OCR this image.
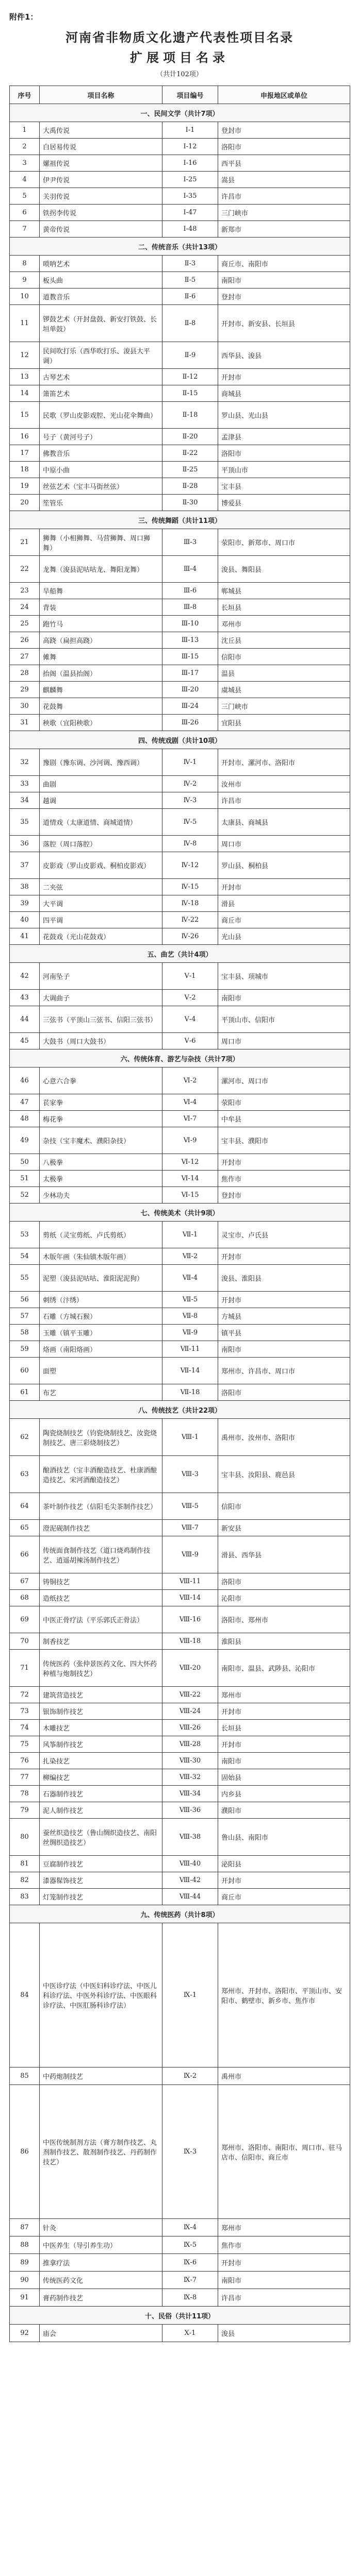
附件1：
河南省非物质文化遗产代表性项目名录
扩展项目名录
（共计102项）
序号	项目名称	项目编号	申报地区或单位
一、民间文学（共计7项）			
1	大禹传说	Ⅰ-1	登封市
2	白居易传说	Ⅰ-12	洛阳市
3	嫘祖传说	Ⅰ-16	西平县
4	伊尹传说	Ⅰ-25	嵩县
5	关羽传说	Ⅰ-35	许昌市
6	铁拐李传说	Ⅰ-47	三门峡市
7	黄帝传说	Ⅰ-48	新郑市
二、传统音乐（共计13项）			
8	唢呐艺术	Ⅱ-3	商丘市、南阳市
9	板头曲	Ⅱ-5	南阳市
10	道教音乐	Ⅱ-6	登封市
11	锣鼓艺术（开封盘鼓、新安打铁鼓、长垣单鼓）	Ⅱ-8	开封市、新安县、长垣县
12	民间吹打乐（西华吹打乐、浚县大平调）	Ⅱ-9	西华县、浚县
13	古琴艺术	Ⅱ-12	开封市
14	箫笛艺术	Ⅱ-15	商城县
15	民歌（罗山皮影戏腔、光山花伞舞曲）	Ⅱ-18	罗山县、光山县
16	号子（黄河号子）	Ⅱ-20	孟津县
17	佛教音乐	Ⅱ-22	洛阳市
18	中原小曲	Ⅱ-25	平顶山市
19	丝弦艺术（宝丰马街丝弦）	Ⅱ-28	宝丰县
20	笙管乐	Ⅱ-30	博爱县
三、传统舞蹈（共计11项）			
21	狮舞（小相狮舞、马营狮舞、周口狮舞）	Ⅲ-3	荥阳市、新郑市、周口市
22	龙舞（浚县泥咕咕龙、舞阳龙舞）	Ⅲ-4	浚县、舞阳县
23	旱船舞	Ⅲ-6	郸城县
24	背装	Ⅲ-8	长垣县
25	跑竹马	Ⅲ-10	邓州市
26	高跷（扁担高跷）	Ⅲ-13	沈丘县
27	傩舞	Ⅲ-15	信阳市
28	抬阁（温县抬阁）	Ⅲ-17	温县
29	麒麟舞	Ⅲ-20	虞城县
30	花鼓舞	Ⅲ-24	三门峡市
31	秧歌（宜阳秧歌）	Ⅲ-26	宜阳县
四、传统戏剧（共计10项）			
32	豫剧（豫东调、沙河调、豫西调）	Ⅳ-1	开封市、漯河市、洛阳市
33	曲剧	Ⅳ-2	汝州市
34	越调	Ⅳ-3	许昌市
35	道情戏（太康道情、商城道情）	Ⅳ-5	太康县、商城县
36	落腔（周口落腔）	Ⅳ-8	周口市
37	皮影戏（罗山皮影戏、桐柏皮影戏）	Ⅳ-12	罗山县、桐柏县
38	二夹弦	Ⅳ-15	开封市
39	大平调	Ⅳ-18	滑县
40	四平调	Ⅳ-22	商丘市
41	花鼓戏（光山花鼓戏）	Ⅳ-26	光山县
五、曲艺（共计4项）			
42	河南坠子	Ⅴ-1	宝丰县、项城市
43	大调曲子	Ⅴ-2	南阳市
44	三弦书（平顶山三弦书、信阳三弦书）	Ⅴ-4	平顶山市、信阳市
45	大鼓书（周口大鼓书）	Ⅴ-6	周口市
六、传统体育、游艺与杂技（共计7项）			
46	心意六合拳	Ⅵ-2	漯河市、周口市
47	苌家拳	Ⅵ-4	荥阳市
48	梅花拳	Ⅵ-7	中牟县
49	杂技（宝丰魔术、濮阳杂技）	Ⅵ-9	宝丰县、濮阳市
50	八极拳	Ⅵ-12	开封市
51	太极拳	Ⅵ-14	焦作市
52	少林功夫	Ⅵ-15	登封市
七、传统美术（共计9项）			
53	剪纸（灵宝剪纸、卢氏剪纸）	Ⅶ-1	灵宝市、卢氏县
54	木版年画（朱仙镇木版年画）	Ⅶ-2	开封市
55	泥塑（浚县泥咕咕、淮阳泥泥狗）	Ⅶ-4	浚县、淮阳县
56	刺绣（汴绣）	Ⅶ-5	开封市
57	石雕（方城石猴）	Ⅶ-8	方城县
58	玉雕（镇平玉雕）	Ⅶ-9	镇平县
59	烙画（南阳烙画）	Ⅶ-11	南阳市
60	面塑	Ⅶ-14	郑州市、许昌市、周口市
61	布艺	Ⅶ-18	洛阳市
八、传统技艺（共计22项）			
62	陶瓷烧制技艺（钧瓷烧制技艺、汝瓷烧制技艺、唐三彩烧制技艺）	Ⅷ-1	禹州市、汝州市、洛阳市
63	酿酒技艺（宝丰酒酿造技艺、杜康酒酿造技艺、宋河酒酿造技艺）	Ⅷ-3	宝丰县、汝阳县、鹿邑县
64	茶叶制作技艺（信阳毛尖茶制作技艺）	Ⅷ-5	信阳市
65	澄泥砚制作技艺	Ⅷ-7	新安县
66	传统面食制作技艺（道口烧鸡制作技艺、逍遥胡辣汤制作技艺）	Ⅷ-9	滑县、西华县
67	铸铜技艺	Ⅷ-11	洛阳市
68	造纸技艺	Ⅷ-14	沁阳市
69	中医正骨疗法（平乐郭氏正骨法）	Ⅷ-16	洛阳市、郑州市
70	制香技艺	Ⅷ-18	淮阳县
71	传统医药（张仲景医药文化、四大怀药种植与炮制技艺）	Ⅷ-20	南阳市、温县、武陟县、沁阳市
72	建筑营造技艺	Ⅷ-22	郑州市
73	银饰制作技艺	Ⅷ-24	开封市
74	木雕技艺	Ⅷ-26	长垣县
75	风筝制作技艺	Ⅷ-28	开封市
76	扎染技艺	Ⅷ-30	南阳市
77	柳编技艺	Ⅷ-32	固始县
78	石器制作技艺	Ⅷ-34	内乡县
79	泥人制作技艺	Ⅷ-36	濮阳市
80	蚕丝织造技艺（鲁山绸织造技艺、南阳丝绸织造技艺）	Ⅷ-38	鲁山县、南阳市
81	豆腐制作技艺	Ⅷ-40	泌阳县
82	漆器髹饰技艺	Ⅷ-42	开封市
83	灯笼制作技艺	Ⅷ-44	商丘市
九、传统医药（共计8项）			
84	中医诊疗法（中医妇科诊疗法、中医儿科诊疗法、中医外科诊疗法、中医眼科诊疗法、中医肛肠科诊疗法）	Ⅸ-1	郑州市、开封市、洛阳市、平顶山市、安阳市、鹤壁市、新乡市、焦作市
85	中药炮制技艺	Ⅸ-2	禹州市
86	中医传统制剂方法（膏方制作技艺、丸剂制作技艺、散剂制作技艺、丹药制作技艺）	Ⅸ-3	郑州市、洛阳市、南阳市、周口市、驻马店市、信阳市、商丘市
87	针灸	Ⅸ-4	郑州市
88	中医养生（导引养生功）	Ⅸ-5	焦作市
89	推拿疗法	Ⅸ-6	开封市
90	传统医药文化	Ⅸ-7	南阳市
91	膏药制作技艺	Ⅸ-8	许昌市
十、民俗（共计11项）			
92	庙会	Ⅹ-1	浚县
